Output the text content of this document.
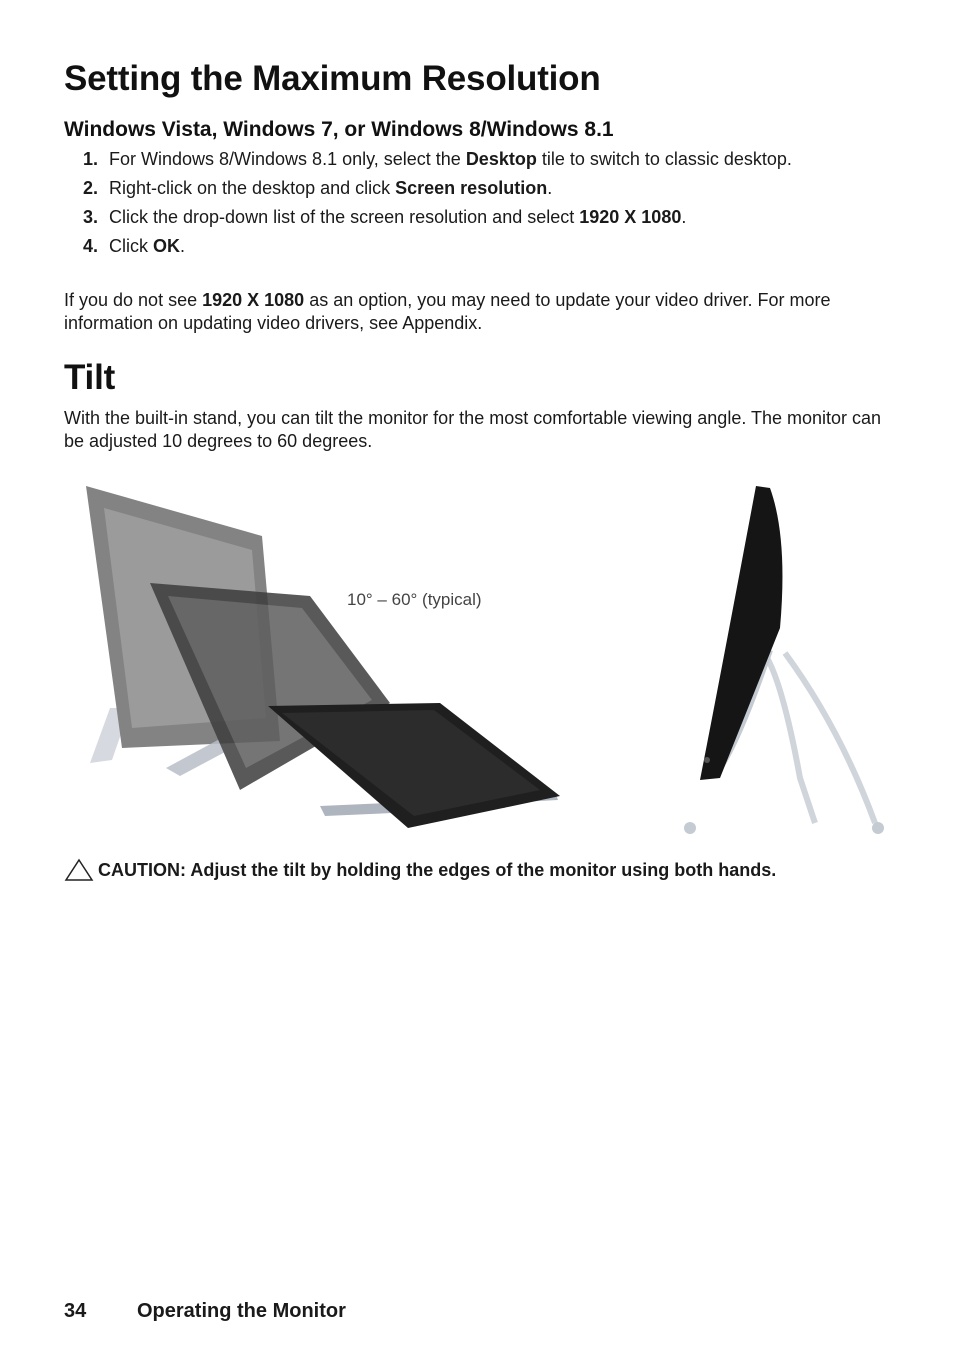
Setting the Maximum Resolution
Windows Vista, Windows 7, or Windows 8/Windows 8.1
1. For Windows 8/Windows 8.1 only, select the Desktop tile to switch to classic desktop.
2. Right-click on the desktop and click Screen resolution.
3. Click the drop-down list of the screen resolution and select 1920 X 1080.
4. Click OK.

If you do not see 1920 X 1080 as an option, you may need to update your video driver. For more information on updating video drivers, see Appendix.

Tilt

With the built-in stand, you can tilt the monitor for the most comfortable viewing angle. The monitor can be adjusted 10 degrees to 60 degrees.

10° – 60° (typical)
CAUTION: Adjust the tilt by holding the edges of the monitor using both hands.
34	Operating the Monitor
